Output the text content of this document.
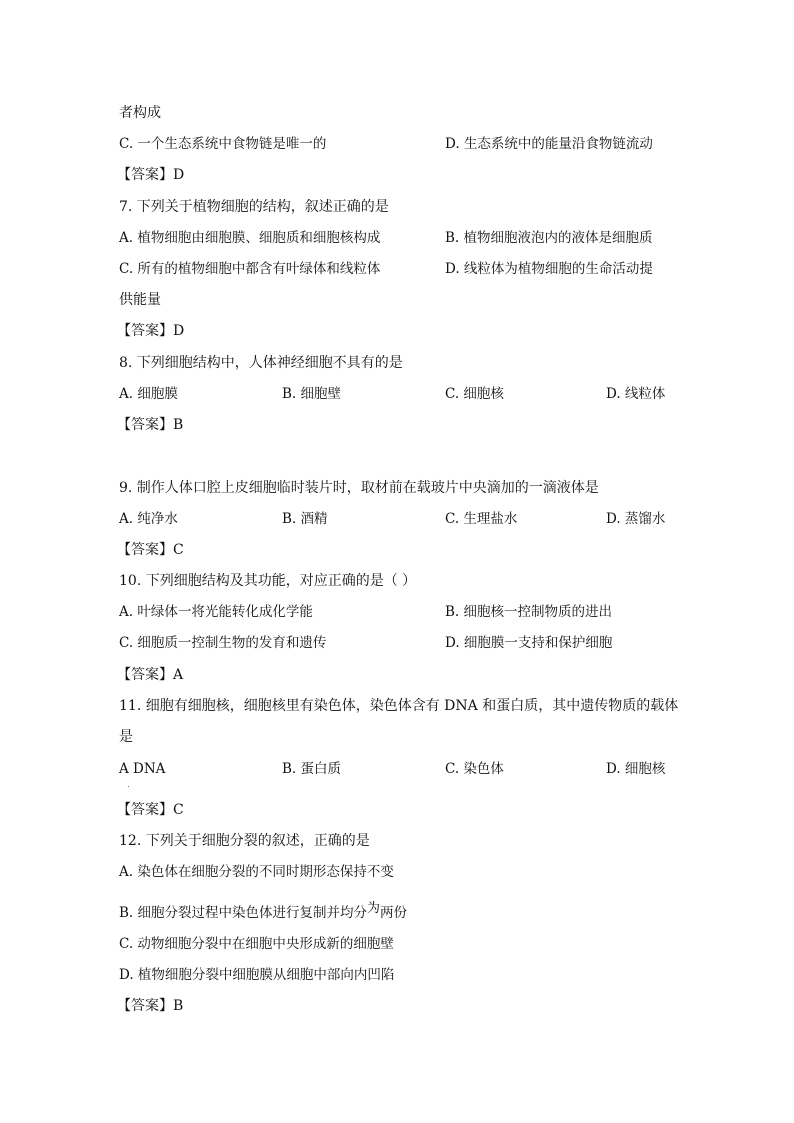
者构成
C. 一个生态系统中食物链是唯一的	D. 生态系统中的能量沿食物链流动
【答案】D
7. 下列关于植物细胞的结构，叙述正确的是
A. 植物细胞由细胞膜、细胞质和细胞核构成	B. 植物细胞液泡内的液体是细胞质
C. 所有的植物细胞中都含有叶绿体和线粒体	D. 线粒体为植物细胞的生命活动提
供能量
【答案】D
8. 下列细胞结构中，人体神经细胞不具有的是
A. 细胞膜	B. 细胞壁	C. 细胞核	D. 线粒体
【答案】B
9. 制作人体口腔上皮细胞临时装片时，取材前在载玻片中央滴加的一滴液体是
A. 纯净水	B. 酒精	C. 生理盐水	D. 蒸馏水
【答案】C
10. 下列细胞结构及其功能，对应正确的是（ ）
A. 叶绿体一将光能转化成化学能	B. 细胞核一控制物质的进出
C. 细胞质一控制生物的发育和遗传	D. 细胞膜一支持和保护细胞
【答案】A
11. 细胞有细胞核，细胞核里有染色体，染色体含有 DNA 和蛋白质，其中遗传物质的载体
是
A DNA	B. 蛋白质	C. 染色体	D. 细胞核
【答案】C
12. 下列关于细胞分裂的叙述，正确的是
A. 染色体在细胞分裂的不同时期形态保持不变
B. 细胞分裂过程中染色体进行复制并均分为两份
C. 动物细胞分裂中在细胞中央形成新的细胞壁
D. 植物细胞分裂中细胞膜从细胞中部向内凹陷
【答案】B
